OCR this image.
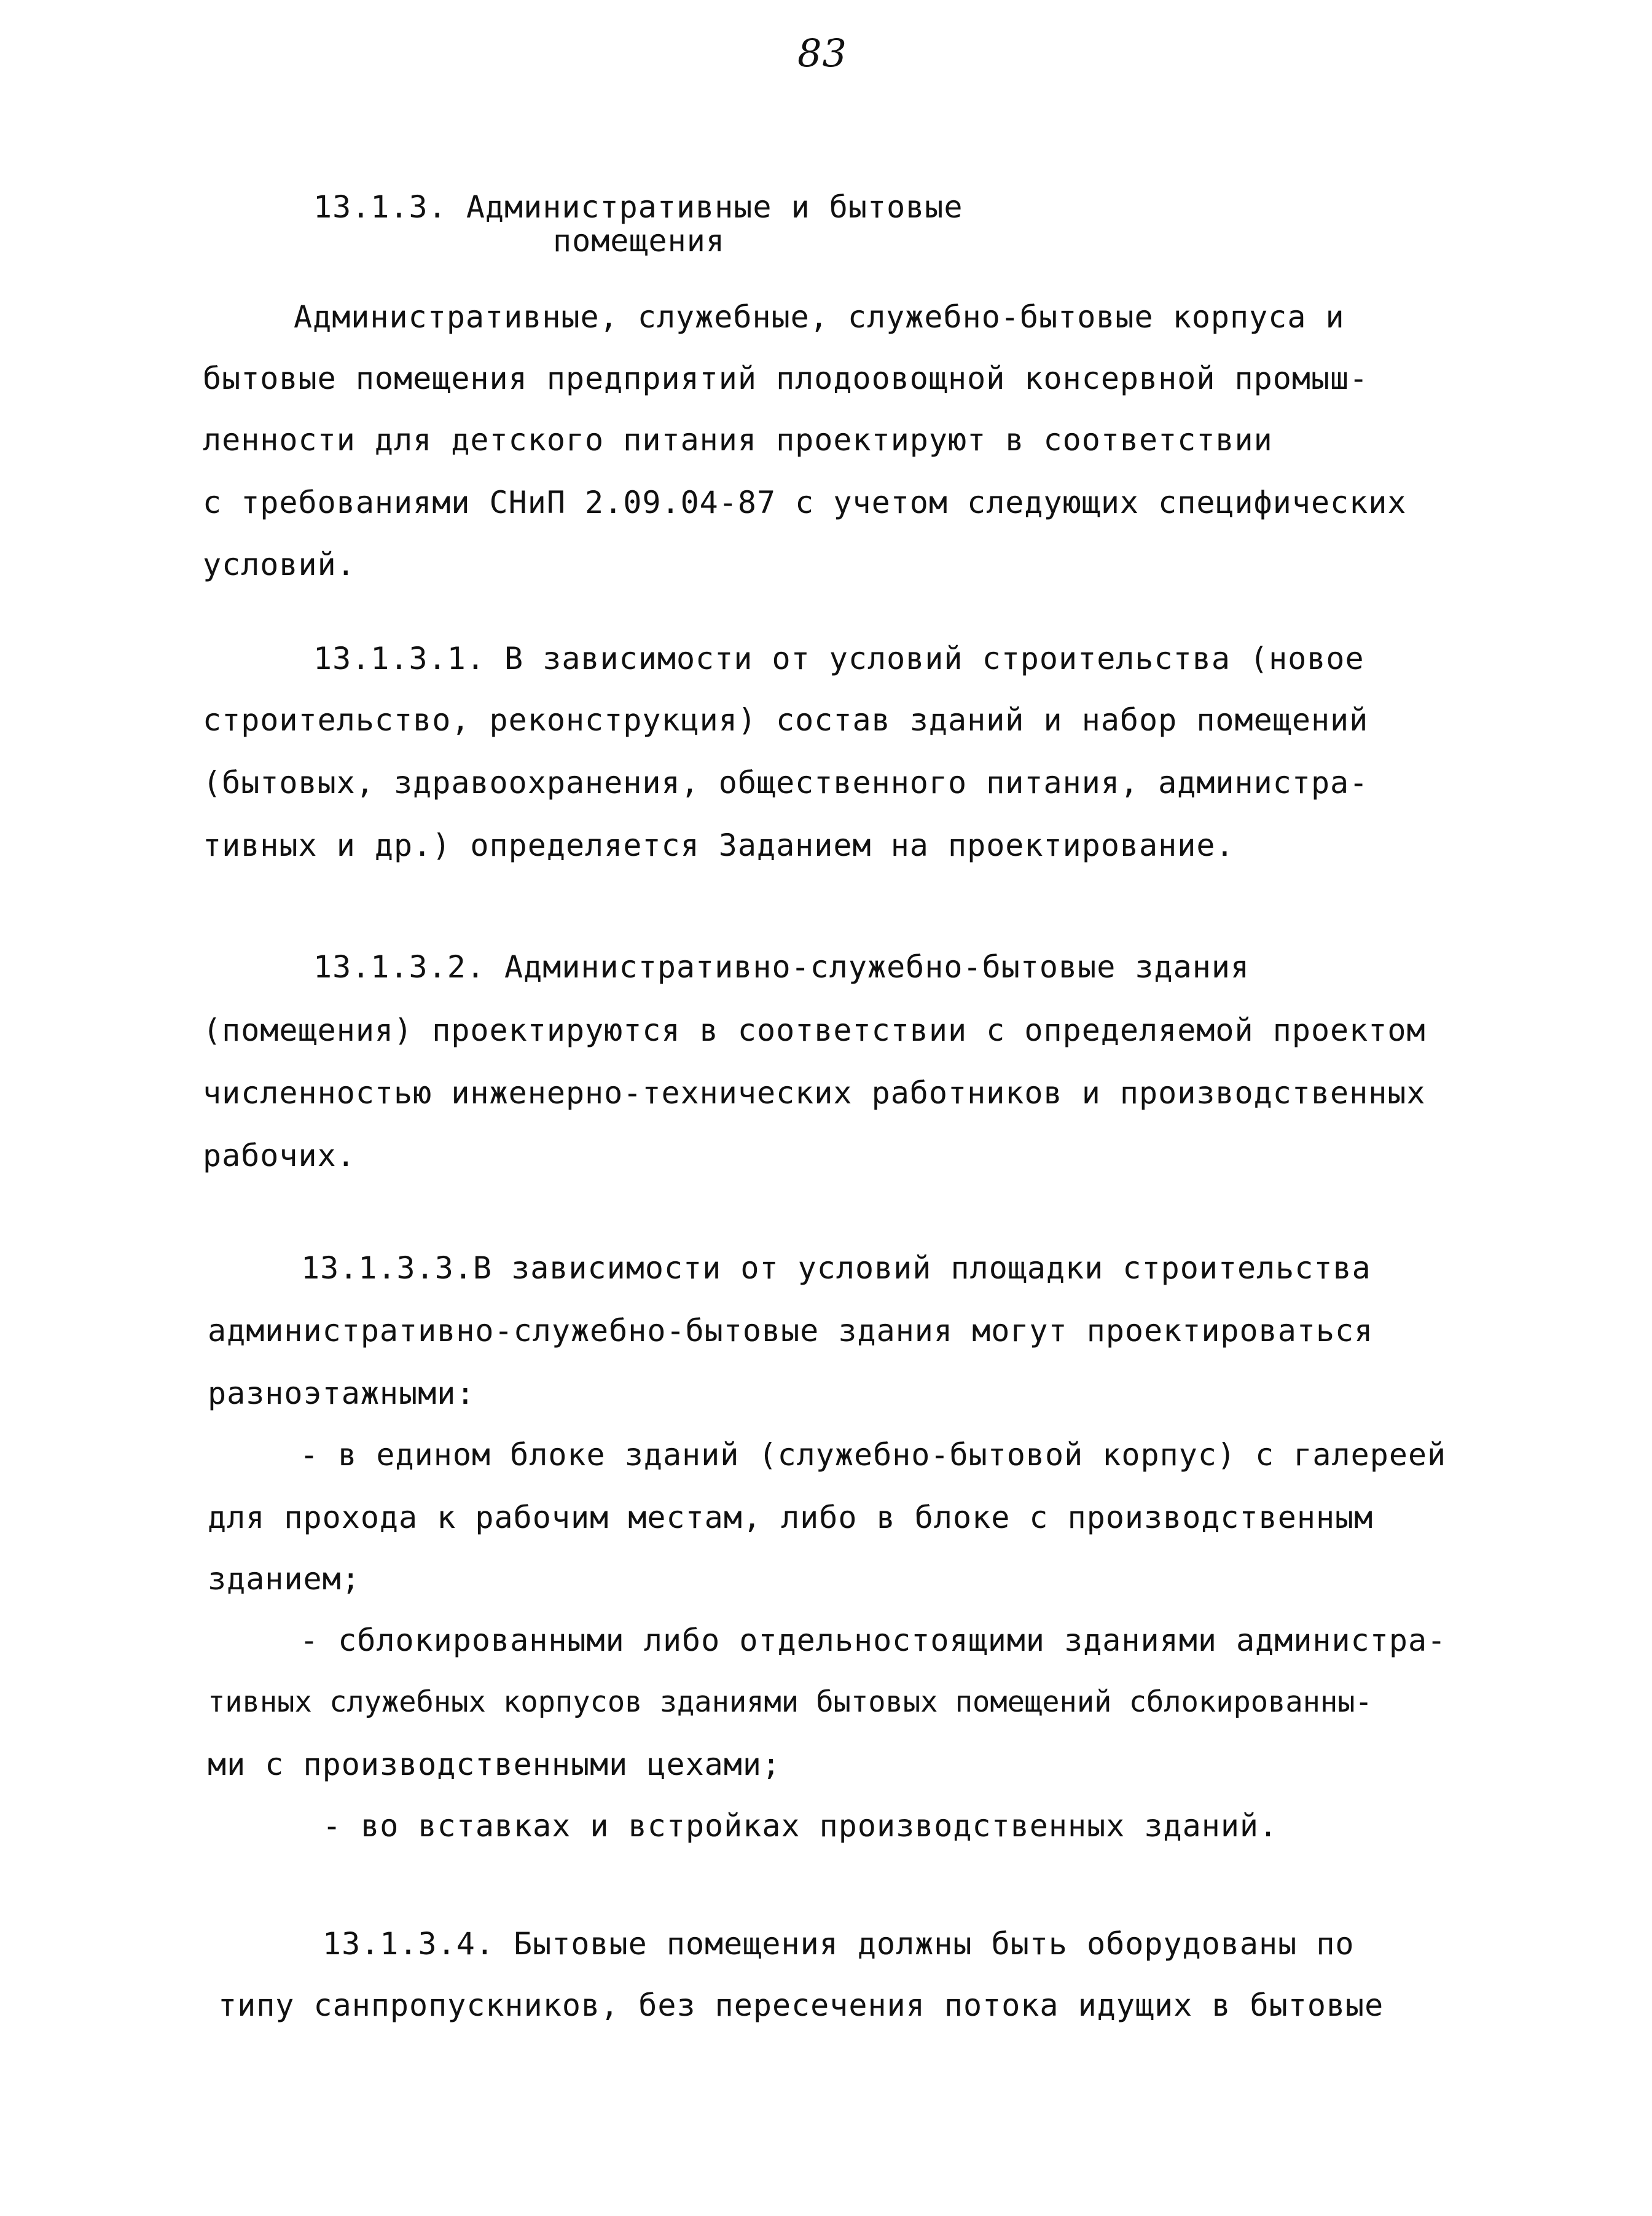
83
13.1.3. Административные и бытовые
помещения
Административные, служебные, служебно-бытовые корпуса и
бытовые помещения предприятий плодоовощной консервной промыш-
ленности для детского питания проектируют в соответствии
с требованиями СНиП 2.09.04-87 с учетом следующих специфических
условий.
13.1.3.1. В зависимости от условий строительства (новое
строительство, реконструкция) состав зданий и набор помещений
(бытовых, здравоохранения, общественного питания, администра-
тивных и др.) определяется Заданием на проектирование.
13.1.3.2. Административно-служебно-бытовые здания
(помещения) проектируются в соответствии с определяемой проектом
численностью инженерно-технических работников и производственных
рабочих.
13.1.3.3.В зависимости от условий площадки строительства
административно-служебно-бытовые здания могут проектироваться
разноэтажными:
- в едином блоке зданий (служебно-бытовой корпус) с галереей
для прохода к рабочим местам, либо в блоке с производственным
зданием;
- сблокированными либо отдельностоящими зданиями администра-
тивных служебных корпусов зданиями бытовых помещений сблокированны-
ми с производственными цехами;
- во вставках и встройках производственных зданий.
13.1.3.4. Бытовые помещения должны быть оборудованы по
типу санпропускников, без пересечения потока идущих в бытовые
